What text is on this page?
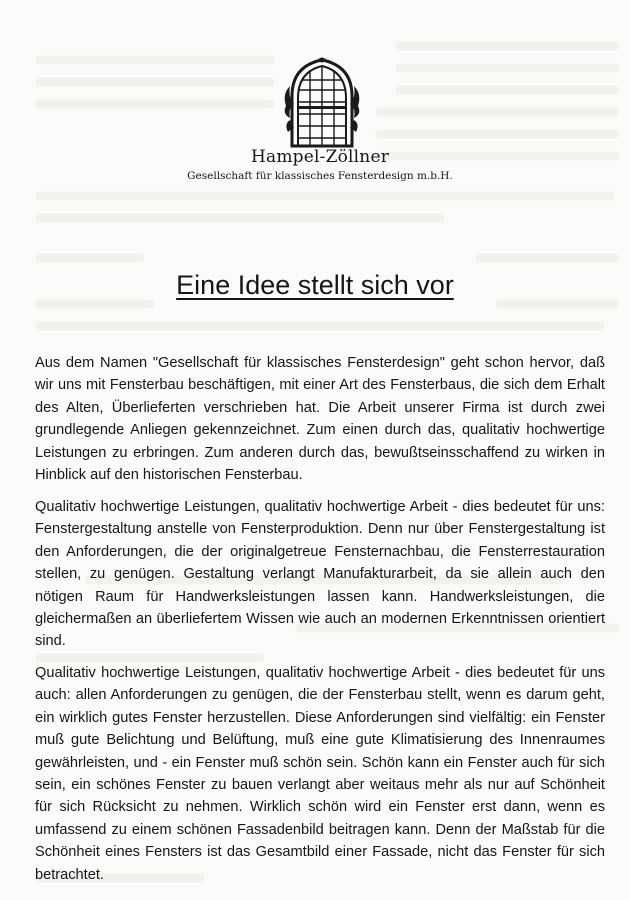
Hampel-Zöllner
Gesellschaft für klassisches Fensterdesign m.b.H.
Eine Idee stellt sich vor

Aus dem Namen "Gesellschaft für klassisches Fensterdesign" geht schon hervor, daß wir uns mit Fensterbau beschäftigen, mit einer Art des Fensterbaus, die sich dem Erhalt des Alten, Überlieferten verschrieben hat. Die Arbeit unserer Firma ist durch zwei grundlegende Anliegen gekennzeichnet. Zum einen durch das, qualitativ hochwertige Leistungen zu erbringen. Zum anderen durch das, bewußtseinsschaffend zu wirken in Hinblick auf den historischen Fensterbau.

Qualitativ hochwertige Leistungen, qualitativ hochwertige Arbeit - dies bedeutet für uns: Fenstergestaltung anstelle von Fensterproduktion. Denn nur über Fenstergestaltung ist den Anforderungen, die der originalgetreue Fensternachbau, die Fensterrestauration stellen, zu genügen. Gestaltung verlangt Manufakturarbeit, da sie allein auch den nötigen Raum für Handwerksleistungen lassen kann. Handwerksleistungen, die gleichermaßen an überliefertem Wissen wie auch an modernen Erkenntnissen orientiert sind.

Qualitativ hochwertige Leistungen, qualitativ hochwertige Arbeit - dies bedeutet für uns auch: allen Anforderungen zu genügen, die der Fensterbau stellt, wenn es darum geht, ein wirklich gutes Fenster herzustellen. Diese Anforderungen sind vielfältig: ein Fenster muß gute Belichtung und Belüftung, muß eine gute Klimatisierung des Innenraumes gewährleisten, und - ein Fenster muß schön sein. Schön kann ein Fenster auch für sich sein, ein schönes Fenster zu bauen verlangt aber weitaus mehr als nur auf Schönheit für sich Rücksicht zu nehmen. Wirklich schön wird ein Fenster erst dann, wenn es umfassend zu einem schönen Fassadenbild beitragen kann. Denn der Maßstab für die Schönheit eines Fensters ist das Gesamtbild einer Fassade, nicht das Fenster für sich betrachtet.
